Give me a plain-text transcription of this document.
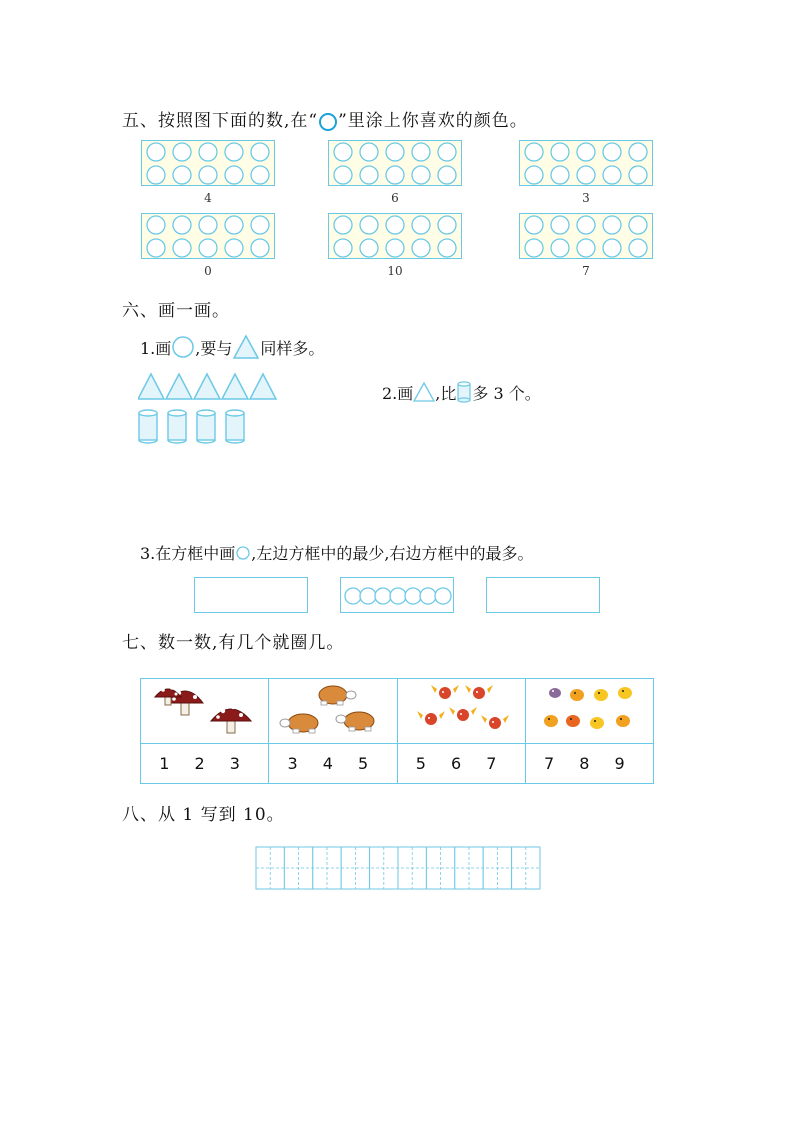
五、按照图下面的数,在“ ”里涂上你喜欢的颜色。
4	6	3
0	10	7
六、画一画。
1.画 ,要与 同样多。
2.画 ,比 多 3 个。
3.在方框中画 ,左边方框中的最少,右边方框中的最多。
七、数一数,有几个就圈几。

1 2 3	3 4 5	5 6 7	7 8 9
八、从 1 写到 10。
